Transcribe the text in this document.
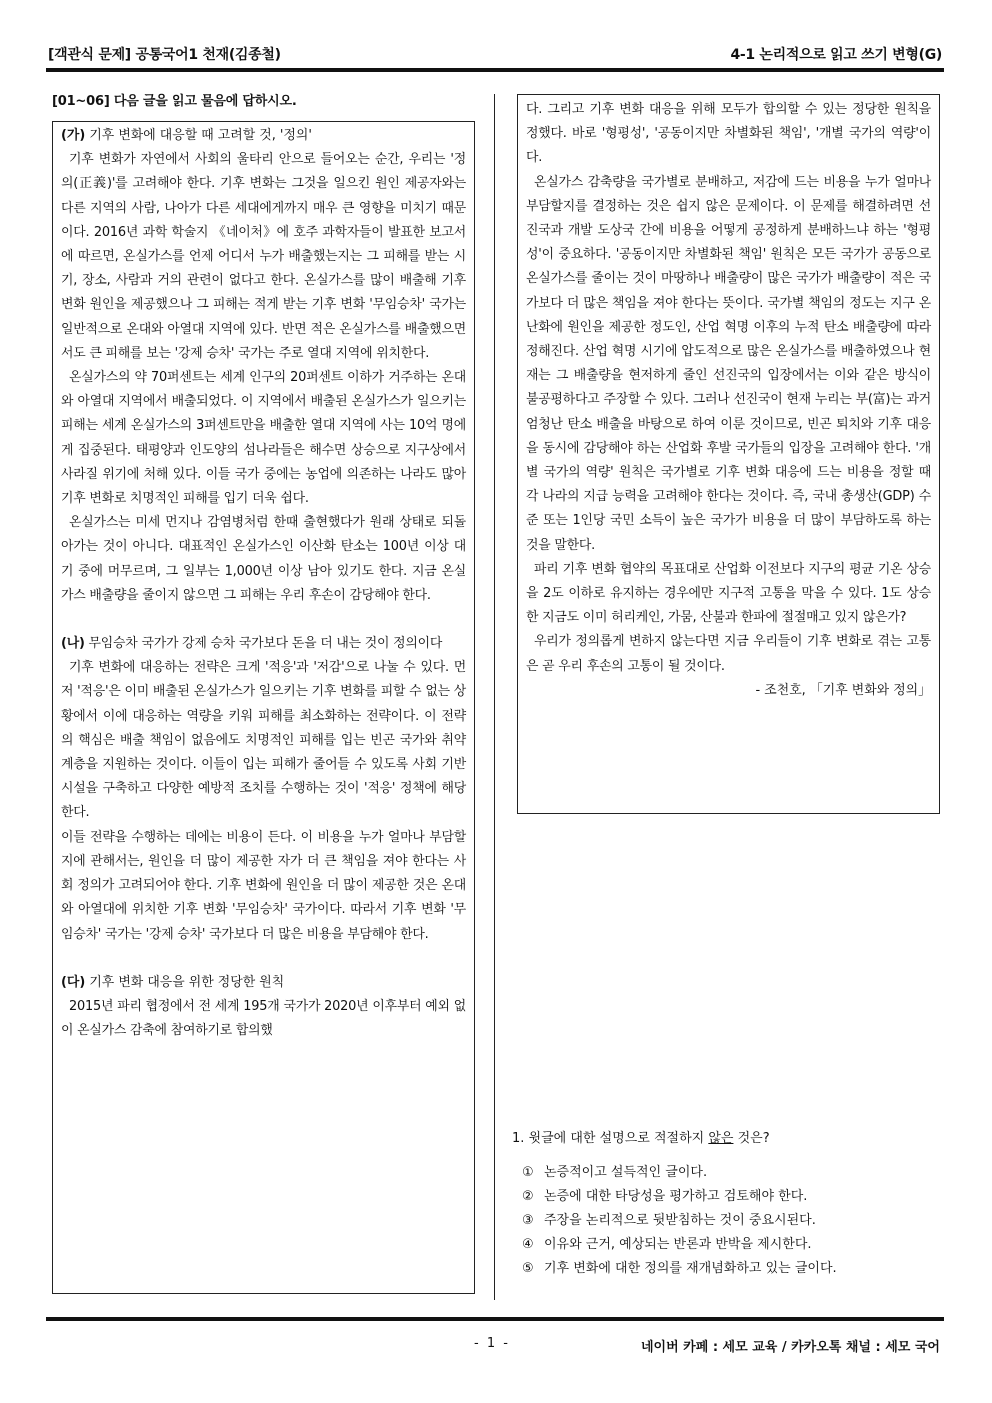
[객관식 문제] 공통국어1 천재(김종철)	4-1 논리적으로 읽고 쓰기 변형(G)
[01~06] 다음 글을 읽고 물음에 답하시오.

(가) 기후 변화에 대응할 때 고려할 것, '정의'

기후 변화가 자연에서 사회의 울타리 안으로 들어오는 순간, 우리는 '정의(正義)'를 고려해야 한다. 기후 변화는 그것을 일으킨 원인 제공자와는 다른 지역의 사람, 나아가 다른 세대에게까지 매우 큰 영향을 미치기 때문이다. 2016년 과학 학술지 《네이처》에 호주 과학자들이 발표한 보고서에 따르면, 온실가스를 언제 어디서 누가 배출했는지는 그 피해를 받는 시기, 장소, 사람과 거의 관련이 없다고 한다. 온실가스를 많이 배출해 기후 변화 원인을 제공했으나 그 피해는 적게 받는 기후 변화 '무임승차' 국가는 일반적으로 온대와 아열대 지역에 있다. 반면 적은 온실가스를 배출했으면서도 큰 피해를 보는 '강제 승차' 국가는 주로 열대 지역에 위치한다.

온실가스의 약 70퍼센트는 세계 인구의 20퍼센트 이하가 거주하는 온대와 아열대 지역에서 배출되었다. 이 지역에서 배출된 온실가스가 일으키는 피해는 세계 온실가스의 3퍼센트만을 배출한 열대 지역에 사는 10억 명에게 집중된다. 태평양과 인도양의 섬나라들은 해수면 상승으로 지구상에서 사라질 위기에 처해 있다. 이들 국가 중에는 농업에 의존하는 나라도 많아 기후 변화로 치명적인 피해를 입기 더욱 쉽다.

온실가스는 미세 먼지나 감염병처럼 한때 출현했다가 원래 상태로 되돌아가는 것이 아니다. 대표적인 온실가스인 이산화 탄소는 100년 이상 대기 중에 머무르며, 그 일부는 1,000년 이상 남아 있기도 한다. 지금 온실가스 배출량을 줄이지 않으면 그 피해는 우리 후손이 감당해야 한다.

(나) 무임승차 국가가 강제 승차 국가보다 돈을 더 내는 것이 정의이다

기후 변화에 대응하는 전략은 크게 '적응'과 '저감'으로 나눌 수 있다. 먼저 '적응'은 이미 배출된 온실가스가 일으키는 기후 변화를 피할 수 없는 상황에서 이에 대응하는 역량을 키워 피해를 최소화하는 전략이다. 이 전략의 핵심은 배출 책임이 없음에도 치명적인 피해를 입는 빈곤 국가와 취약 계층을 지원하는 것이다. 이들이 입는 피해가 줄어들 수 있도록 사회 기반 시설을 구축하고 다양한 예방적 조치를 수행하는 것이 '적응' 정책에 해당한다.

이들 전략을 수행하는 데에는 비용이 든다. 이 비용을 누가 얼마나 부담할지에 관해서는, 원인을 더 많이 제공한 자가 더 큰 책임을 져야 한다는 사회 정의가 고려되어야 한다. 기후 변화에 원인을 더 많이 제공한 것은 온대와 아열대에 위치한 기후 변화 '무임승차' 국가이다. 따라서 기후 변화 '무임승차' 국가는 '강제 승차' 국가보다 더 많은 비용을 부담해야 한다.

(다) 기후 변화 대응을 위한 정당한 원칙

2015년 파리 협정에서 전 세계 195개 국가가 2020년 이후부터 예외 없이 온실가스 감축에 참여하기로 합의했

다. 그리고 기후 변화 대응을 위해 모두가 합의할 수 있는 정당한 원칙을 정했다. 바로 '형평성', '공동이지만 차별화된 책임', '개별 국가의 역량'이다.

온실가스 감축량을 국가별로 분배하고, 저감에 드는 비용을 누가 얼마나 부담할지를 결정하는 것은 쉽지 않은 문제이다. 이 문제를 해결하려면 선진국과 개발 도상국 간에 비용을 어떻게 공정하게 분배하느냐 하는 '형평성'이 중요하다. '공동이지만 차별화된 책임' 원칙은 모든 국가가 공동으로 온실가스를 줄이는 것이 마땅하나 배출량이 많은 국가가 배출량이 적은 국가보다 더 많은 책임을 져야 한다는 뜻이다. 국가별 책임의 정도는 지구 온난화에 원인을 제공한 정도인, 산업 혁명 이후의 누적 탄소 배출량에 따라 정해진다. 산업 혁명 시기에 압도적으로 많은 온실가스를 배출하였으나 현재는 그 배출량을 현저하게 줄인 선진국의 입장에서는 이와 같은 방식이 불공평하다고 주장할 수 있다. 그러나 선진국이 현재 누리는 부(富)는 과거 엄청난 탄소 배출을 바탕으로 하여 이룬 것이므로, 빈곤 퇴치와 기후 대응을 동시에 감당해야 하는 산업화 후발 국가들의 입장을 고려해야 한다. '개별 국가의 역량' 원칙은 국가별로 기후 변화 대응에 드는 비용을 정할 때 각 나라의 지급 능력을 고려해야 한다는 것이다. 즉, 국내 총생산(GDP) 수준 또는 1인당 국민 소득이 높은 국가가 비용을 더 많이 부담하도록 하는 것을 말한다.

파리 기후 변화 협약의 목표대로 산업화 이전보다 지구의 평균 기온 상승을 2도 이하로 유지하는 경우에만 지구적 고통을 막을 수 있다. 1도 상승한 지금도 이미 허리케인, 가뭄, 산불과 한파에 절절매고 있지 않은가?

우리가 정의롭게 변하지 않는다면 지금 우리들이 기후 변화로 겪는 고통은 곧 우리 후손의 고통이 될 것이다.

- 조천호, 「기후 변화와 정의」

1. 윗글에 대한 설명으로 적절하지 않은 것은?
① 논증적이고 설득적인 글이다.
② 논증에 대한 타당성을 평가하고 검토해야 한다.
③ 주장을 논리적으로 뒷받침하는 것이 중요시된다.
④ 이유와 근거, 예상되는 반론과 반박을 제시한다.
⑤ 기후 변화에 대한 정의를 재개념화하고 있는 글이다.
- 1 -	네이버 카페 : 세모 교육 / 카카오톡 채널 : 세모 국어
